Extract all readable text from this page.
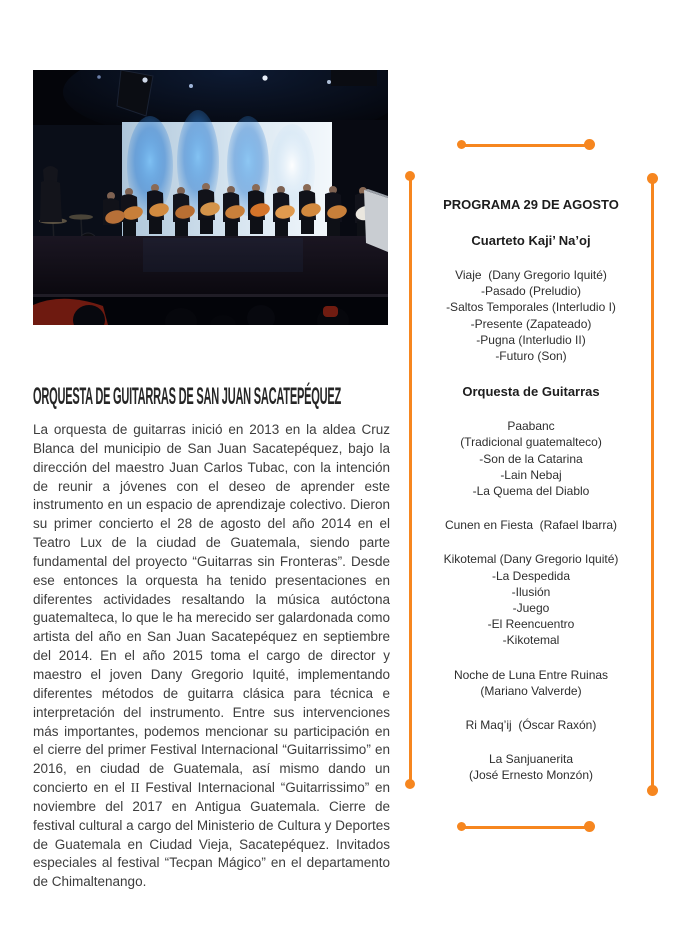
ORQUESTA DE GUITARRAS DE SAN JUAN SACATEPÉQUEZ

La orquesta de guitarras inició en 2013 en la aldea Cruz Blanca del municipio de San Juan Sacatepéquez, bajo la dirección del maestro Juan Carlos Tubac, con la intención de reunir a jóvenes con el deseo de aprender este instrumento en un espacio de aprendizaje colectivo. Dieron su primer concierto el 28 de agosto del año 2014 en el Teatro Lux de la ciudad de Guatemala, siendo parte fundamental del proyecto “Guitarras sin Fronteras”. Desde ese entonces la orquesta ha tenido presentaciones en diferentes actividades resaltando la música autóctona guatemalteca, lo que le ha merecido ser galardonada como artista del año en San Juan Sacatepéquez en septiembre del 2014. En el año 2015 toma el cargo de director y maestro el joven Dany Gregorio Iquité, implementando diferentes métodos de guitarra clásica para técnica e interpretación del instrumento. Entre sus intervenciones más importantes, podemos mencionar su participación en el cierre del primer Festival Internacional “Guitarrissimo” en 2016, en ciudad de Guatemala, así mismo dando un concierto en el II Festival Internacional “Guitarrissimo” en noviembre del 2017 en Antigua Guatemala. Cierre de festival cultural a cargo del Ministerio de Cultura y Deportes de Guatemala en Ciudad Vieja, Sacatepéquez. Invitados especiales al festival “Tecpan Mágico” en el departamento de Chimaltenango.

PROGRAMA 29 DE AGOSTO
Cuarteto Kaji’ Na’oj
Viaje  (Dany Gregorio Iquité)
-Pasado (Preludio)
-Saltos Temporales (Interludio I)
-Presente (Zapateado)
-Pugna (Interludio II)
-Futuro (Son)
Orquesta de Guitarras
Paabanc
(Tradicional guatemalteco)
-Son de la Catarina
-Lain Nebaj
-La Quema del Diablo
Cunen en Fiesta  (Rafael Ibarra)
Kikotemal (Dany Gregorio Iquité)
-La Despedida
-Ilusión
-Juego
-El Reencuentro
-Kikotemal
Noche de Luna Entre Ruinas
(Mariano Valverde)
Ri Maq’ij  (Óscar Raxón)
La Sanjuanerita
(José Ernesto Monzón)
